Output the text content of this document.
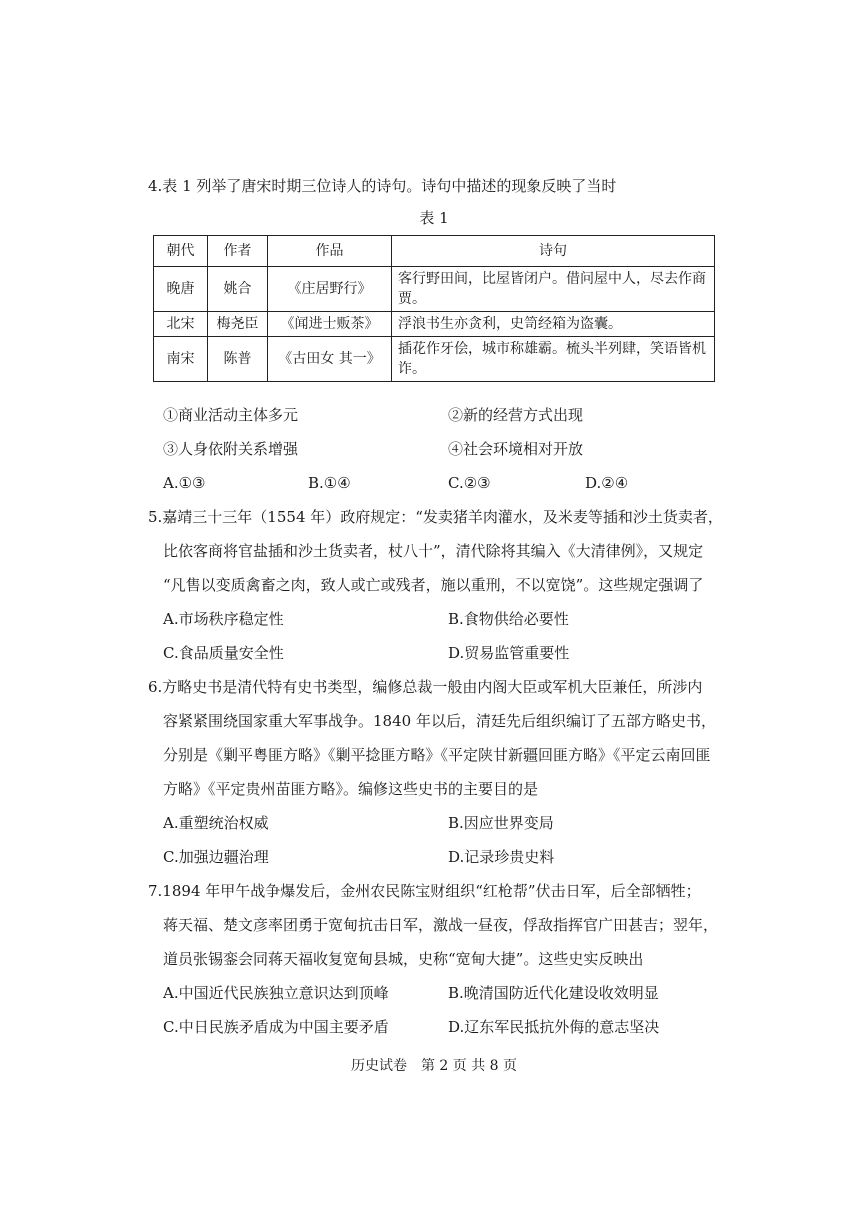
4.表 1 列举了唐宋时期三位诗人的诗句。诗句中描述的现象反映了当时
表 1
朝代	作者	作品	诗句
晚唐	姚合	《庄居野行》	客行野田间，比屋皆闭户。借问屋中人，尽去作商贾。
北宋	梅尧臣	《闻进士贩茶》	浮浪书生亦贪利，史笥经箱为盗囊。
南宋	陈普	《古田女 其一》	插花作牙侩，城市称雄霸。梳头半列肆，笑语皆机诈。
①商业活动主体多元	②新的经营方式出现
③人身依附关系增强	④社会环境相对开放
A.①③	B.①④	C.②③	D.②④
5.嘉靖三十三年（1554 年）政府规定：“发卖猪羊肉灌水，及米麦等插和沙土货卖者，
比依客商将官盐插和沙土货卖者，杖八十”，清代除将其编入《大清律例》，又规定
“凡售以变质禽畜之肉，致人或亡或残者，施以重刑，不以宽饶”。这些规定强调了
A.市场秩序稳定性	B.食物供给必要性
C.食品质量安全性	D.贸易监管重要性
6.方略史书是清代特有史书类型，编修总裁一般由内阁大臣或军机大臣兼任，所涉内
容紧紧围绕国家重大军事战争。1840 年以后，清廷先后组织编订了五部方略史书，
分别是《剿平粤匪方略》《剿平捻匪方略》《平定陕甘新疆回匪方略》《平定云南回匪
方略》《平定贵州苗匪方略》。编修这些史书的主要目的是
A.重塑统治权威	B.因应世界变局
C.加强边疆治理	D.记录珍贵史料
7.1894 年甲午战争爆发后，金州农民陈宝财组织“红枪帮”伏击日军，后全部牺牲；
蒋天福、楚文彦率团勇于宽甸抗击日军，激战一昼夜，俘敌指挥官广田甚吉；翌年，
道员张锡銮会同蒋天福收复宽甸县城，史称“宽甸大捷”。这些史实反映出
A.中国近代民族独立意识达到顶峰	B.晚清国防近代化建设收效明显
C.中日民族矛盾成为中国主要矛盾	D.辽东军民抵抗外侮的意志坚决
历史试卷　第 2 页 共 8 页
